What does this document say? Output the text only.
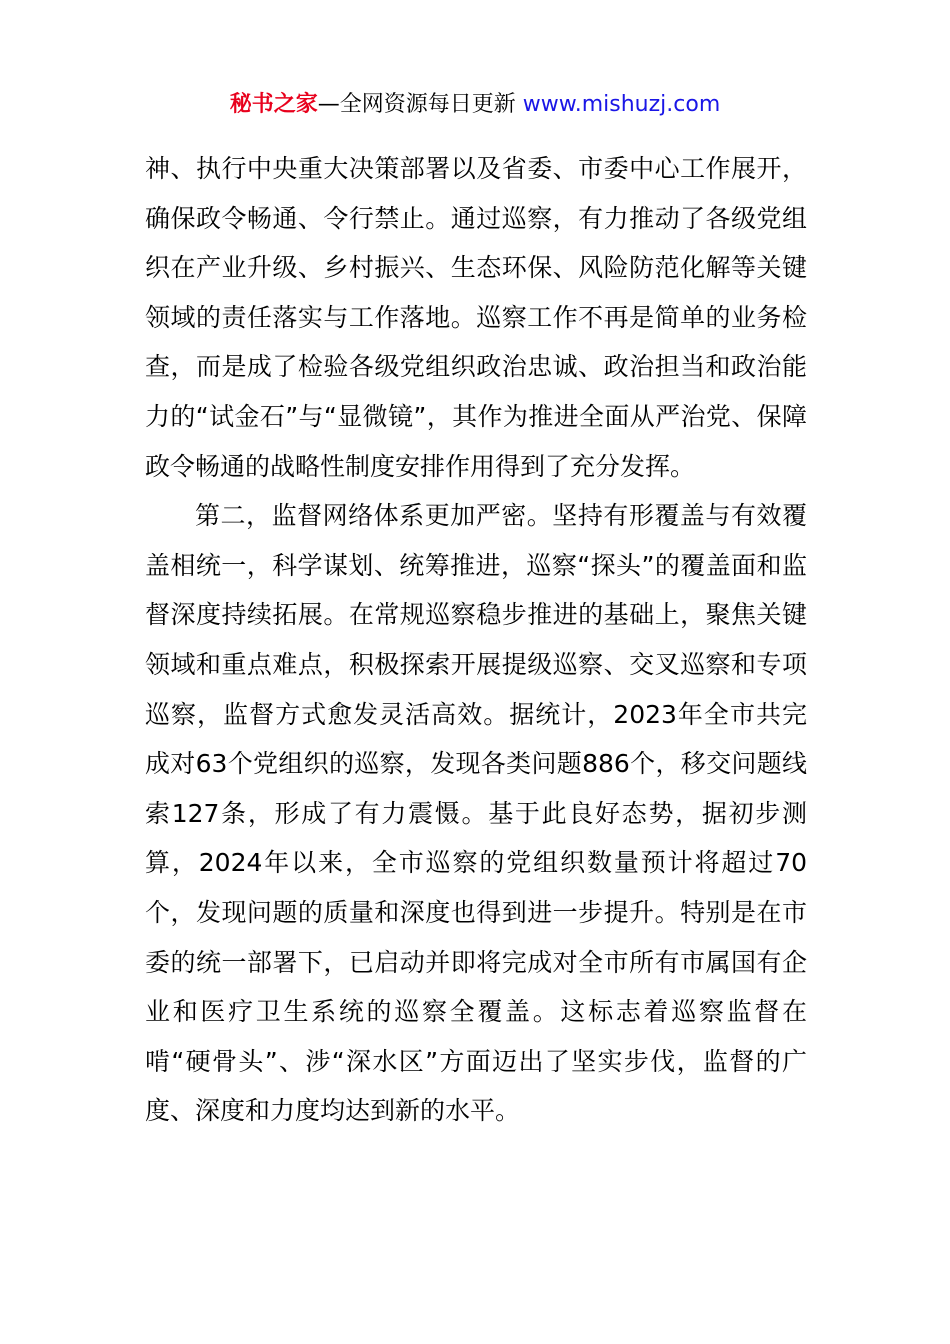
秘书之家—全网资源每日更新 www.mishuzj.com

神、执行中央重大决策部署以及省委、市委中心工作展开，确保政令畅通、令行禁止。通过巡察，有力推动了各级党组织在产业升级、乡村振兴、生态环保、风险防范化解等关键领域的责任落实与工作落地。巡察工作不再是简单的业务检查，而是成了检验各级党组织政治忠诚、政治担当和政治能力的“试金石”与“显微镜”，其作为推进全面从严治党、保障政令畅通的战略性制度安排作用得到了充分发挥。

第二，监督网络体系更加严密。坚持有形覆盖与有效覆盖相统一，科学谋划、统筹推进，巡察“探头”的覆盖面和监督深度持续拓展。在常规巡察稳步推进的基础上，聚焦关键领域和重点难点，积极探索开展提级巡察、交叉巡察和专项巡察，监督方式愈发灵活高效。据统计，2023年全市共完成对63个党组织的巡察，发现各类问题886个，移交问题线索127条，形成了有力震慑。基于此良好态势，据初步测算，2024年以来，全市巡察的党组织数量预计将超过70个，发现问题的质量和深度也得到进一步提升。特别是在市委的统一部署下，已启动并即将完成对全市所有市属国有企业和医疗卫生系统的巡察全覆盖。这标志着巡察监督在啃“硬骨头”、涉“深水区”方面迈出了坚实步伐，监督的广度、深度和力度均达到新的水平。
